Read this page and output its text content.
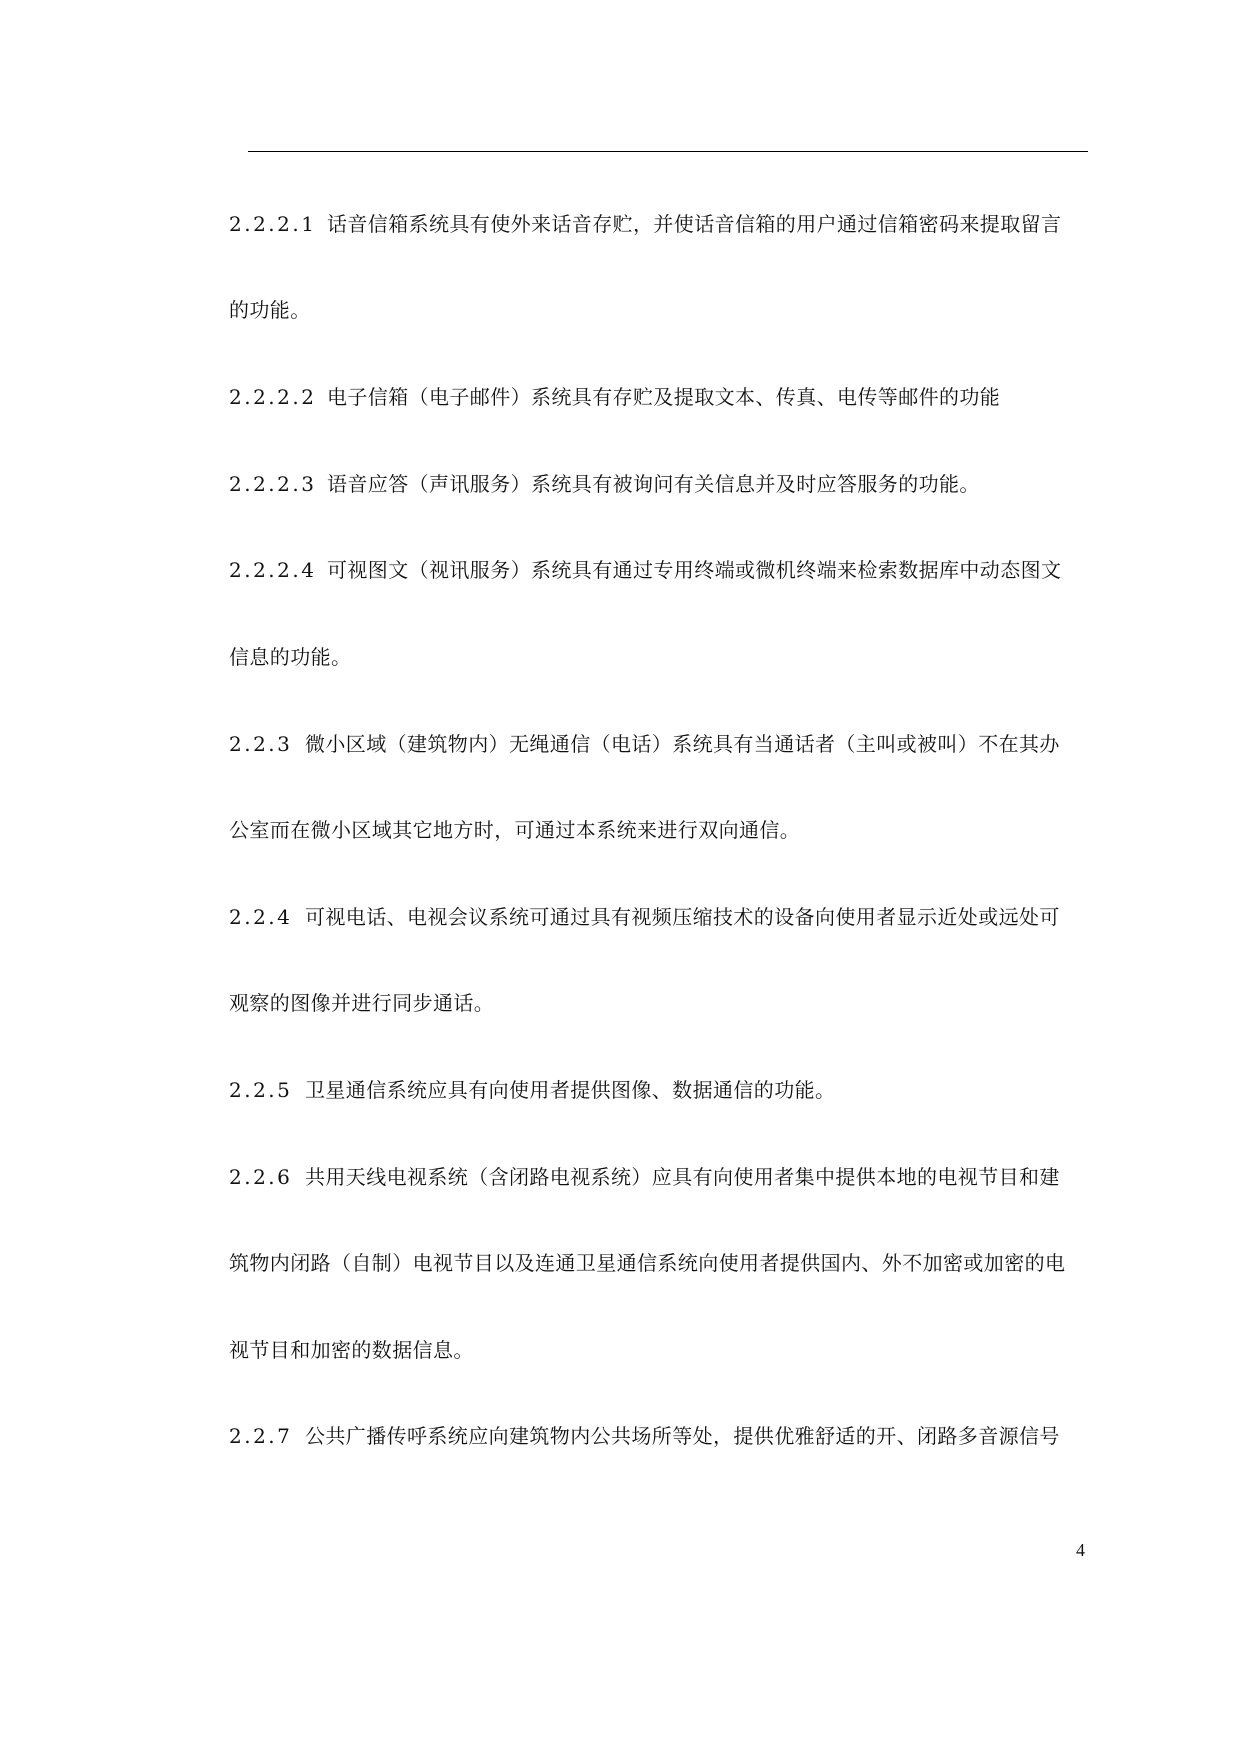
2.2.2.1 话音信箱系统具有使外来话音存贮，并使话音信箱的用户通过信箱密码来提取留言
的功能。
2.2.2.2 电子信箱（电子邮件）系统具有存贮及提取文本、传真、电传等邮件的功能
2.2.2.3 语音应答（声讯服务）系统具有被询问有关信息并及时应答服务的功能。
2.2.2.4 可视图文（视讯服务）系统具有通过专用终端或微机终端来检索数据库中动态图文
信息的功能。
2.2.3 微小区域（建筑物内）无绳通信（电话）系统具有当通话者（主叫或被叫）不在其办
公室而在微小区域其它地方时，可通过本系统来进行双向通信。
2.2.4 可视电话、电视会议系统可通过具有视频压缩技术的设备向使用者显示近处或远处可
观察的图像并进行同步通话。
2.2.5 卫星通信系统应具有向使用者提供图像、数据通信的功能。
2.2.6 共用天线电视系统（含闭路电视系统）应具有向使用者集中提供本地的电视节目和建
筑物内闭路（自制）电视节目以及连通卫星通信系统向使用者提供国内、外不加密或加密的电
视节目和加密的数据信息。
2.2.7 公共广播传呼系统应向建筑物内公共场所等处，提供优雅舒适的开、闭路多音源信号
4
